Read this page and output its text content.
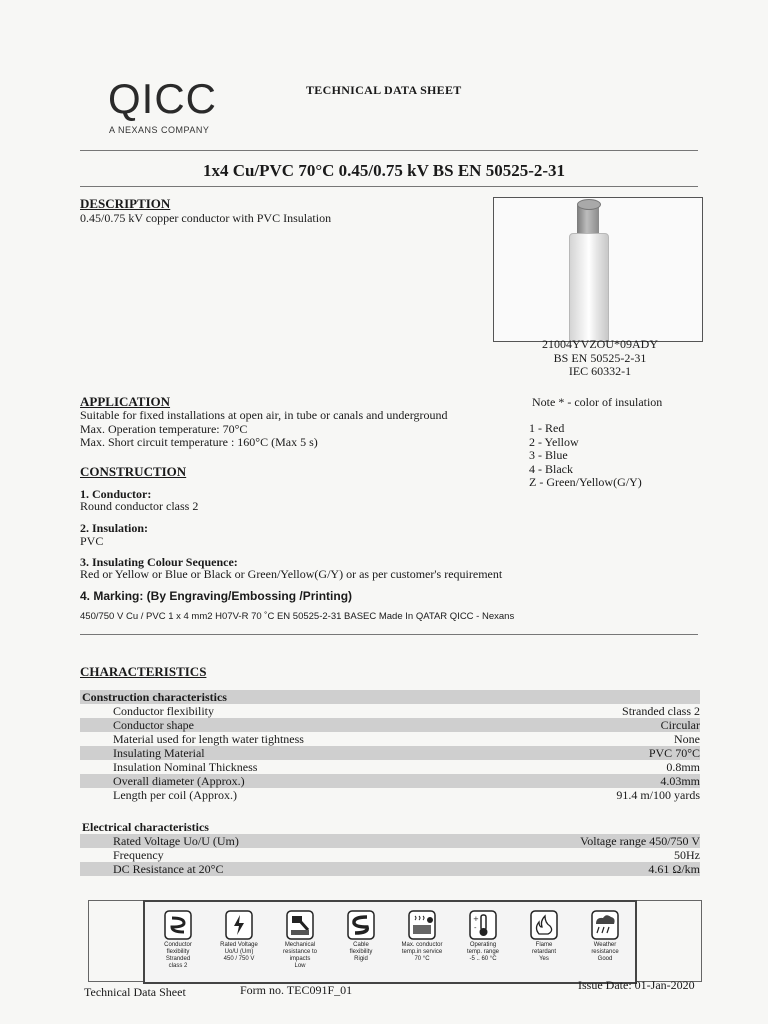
QICC
A NEXANS COMPANY
TECHNICAL DATA SHEET
1x4 Cu/PVC 70°C 0.45/0.75 kV BS EN 50525-2-31
DESCRIPTION
0.45/0.75 kV copper conductor with PVC Insulation
21004YVZOU*09ADY
BS EN 50525-2-31
IEC 60332-1
APPLICATION
Suitable for fixed installations at open air, in tube or canals and underground
Max. Operation temperature: 70°C
Max. Short circuit temperature : 160°C (Max 5 s)
Note * - color of insulation
1 - Red
2 - Yellow
3 - Blue
4 - Black
Z - Green/Yellow(G/Y)
CONSTRUCTION
1. Conductor:
Round conductor class 2
2. Insulation:
PVC
3. Insulating Colour Sequence:
Red or Yellow or Blue or Black or Green/Yellow(G/Y) or as per customer's requirement
4. Marking: (By Engraving/Embossing /Printing)
450/750 V Cu / PVC 1 x 4 mm2 H07V-R 70 ˚C EN 50525-2-31 BASEC Made In QATAR QICC - Nexans
CHARACTERISTICS
Construction characteristics
Conductor flexibility	Stranded class 2
Conductor shape	Circular
Material used for length water tightness	None
Insulating Material	PVC 70°C
Insulation Nominal Thickness	0.8mm
Overall diameter (Approx.)	4.03mm
Length per coil (Approx.)	91.4 m/100 yards
Electrical characteristics
Rated Voltage Uo/U (Um)	Voltage range 450/750 V
Frequency	50Hz
DC Resistance at 20°C	4.61 Ω/km
Conductor
flexibility
Stranded
class 2
Rated Voltage
Uo/U (Um)
450 / 750 V
Mechanical
resistance to
impacts
Low
Cable
flexibility
Rigid
Max. conductor
temp.in service
70 °C
+
-
Operating
temp. range
-5 .. 60 °C
Flame
retardant
Yes
Weather
resistance
Good
Technical Data Sheet	Form no. TEC091F_01	Issue Date: 01-Jan-2020
